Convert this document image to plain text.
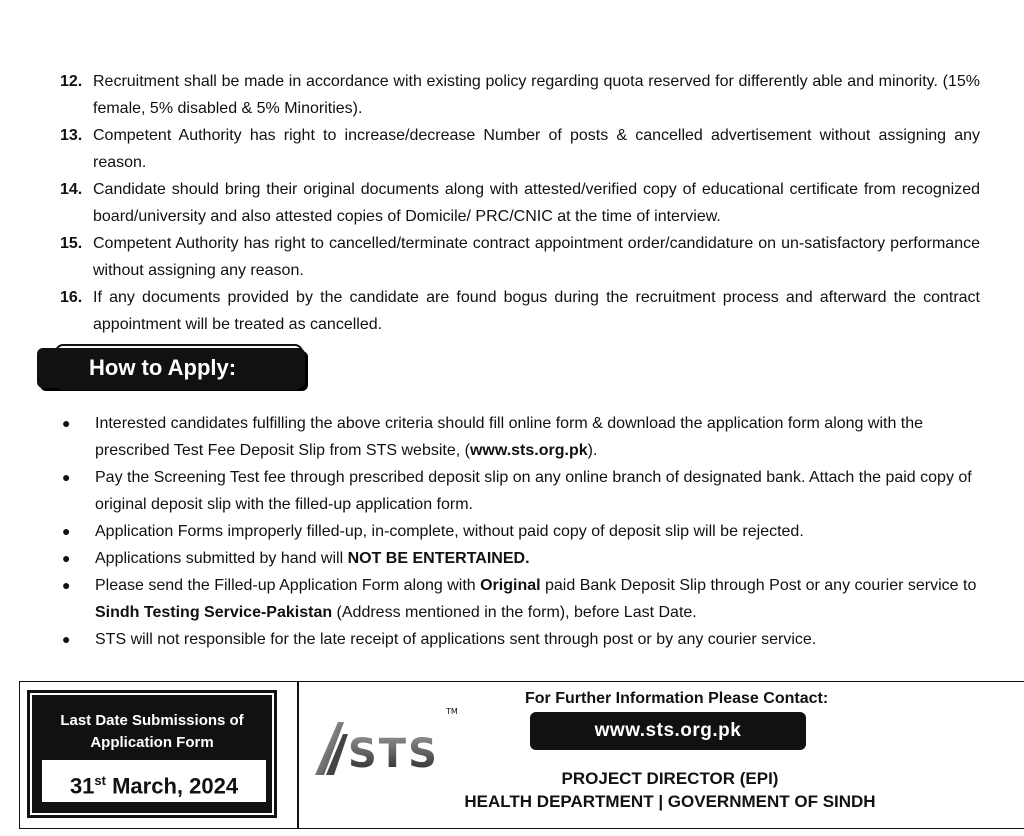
12. Recruitment shall be made in accordance with existing policy regarding quota reserved for differently able and minority. (15% female, 5% disabled & 5% Minorities).
13. Competent Authority has right to increase/decrease Number of posts & cancelled advertisement without assigning any reason.
14. Candidate should bring their original documents along with attested/verified copy of educational certificate from recognized board/university and also attested copies of Domicile/ PRC/CNIC at the time of interview.
15. Competent Authority has right to cancelled/terminate contract appointment order/candidature on un-satisfactory performance without assigning any reason.
16. If any documents provided by the candidate are found bogus during the recruitment process and afterward the contract appointment will be treated as cancelled.
How to Apply:
●	Interested candidates fulfilling the above criteria should fill online form & download the application form along with the prescribed Test Fee Deposit Slip from STS website, (www.sts.org.pk).
●	Pay the Screening Test fee through prescribed deposit slip on any online branch of designated bank. Attach the paid copy of original deposit slip with the filled-up application form.
●	Application Forms improperly filled-up, in-complete, without paid copy of deposit slip will be rejected.
●	Applications submitted by hand will NOT BE ENTERTAINED.
●	Please send the Filled-up Application Form along with Original paid Bank Deposit Slip through Post or any courier service to Sindh Testing Service-Pakistan (Address mentioned in the form), before Last Date.
●	STS will not responsible for the late receipt of applications sent through post or by any courier service.
Last Date Submissions of
Application Form
31st March, 2024
STS
TM
For Further Information Please Contact:
www.sts.org.pk
PROJECT DIRECTOR (EPI)
HEALTH DEPARTMENT | GOVERNMENT OF SINDH
